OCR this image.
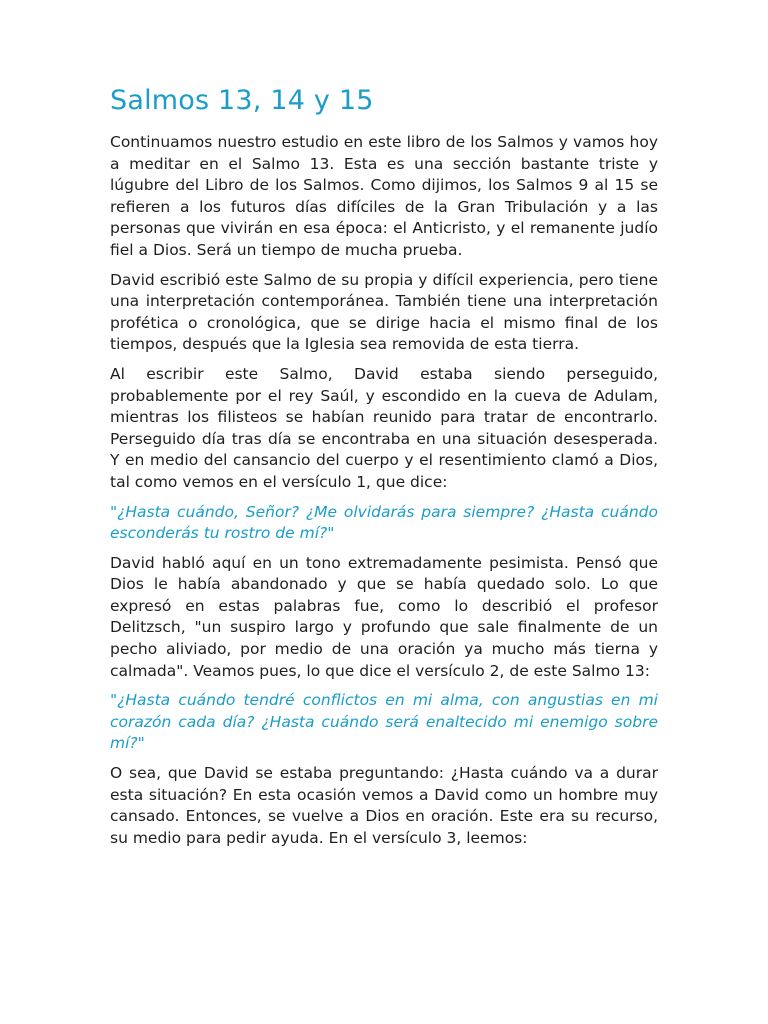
Salmos 13, 14 y 15

Continuamos nuestro estudio en este libro de los Salmos y vamos hoy a meditar en el Salmo 13. Esta es una sección bastante triste y lúgubre del Libro de los Salmos. Como dijimos, los Salmos 9 al 15 se refieren a los futuros días difíciles de la Gran Tribulación y a las personas que vivirán en esa época: el Anticristo, y el remanente judío fiel a Dios. Será un tiempo de mucha prueba.

David escribió este Salmo de su propia y difícil experiencia, pero tiene una interpretación contemporánea. También tiene una interpretación profética o cronológica, que se dirige hacia el mismo final de los tiempos, después que la Iglesia sea removida de esta tierra.

Al escribir este Salmo, David estaba siendo perseguido, probablemente por el rey Saúl, y escondido en la cueva de Adulam, mientras los filisteos se habían reunido para tratar de encontrarlo. Perseguido día tras día se encontraba en una situación desesperada. Y en medio del cansancio del cuerpo y el resentimiento clamó a Dios, tal como vemos en el versículo 1, que dice:

"¿Hasta cuándo, Señor? ¿Me olvidarás para siempre? ¿Hasta cuándo esconderás tu rostro de mí?"

David habló aquí en un tono extremadamente pesimista. Pensó que Dios le había abandonado y que se había quedado solo. Lo que expresó en estas palabras fue, como lo describió el profesor Delitzsch, "un suspiro largo y profundo que sale finalmente de un pecho aliviado, por medio de una oración ya mucho más tierna y calmada". Veamos pues, lo que dice el versículo 2, de este Salmo 13:

"¿Hasta cuándo tendré conflictos en mi alma, con angustias en mi corazón cada día? ¿Hasta cuándo será enaltecido mi enemigo sobre mí?"

O sea, que David se estaba preguntando: ¿Hasta cuándo va a durar esta situación? En esta ocasión vemos a David como un hombre muy cansado. Entonces, se vuelve a Dios en oración. Este era su recurso, su medio para pedir ayuda. En el versículo 3, leemos:
